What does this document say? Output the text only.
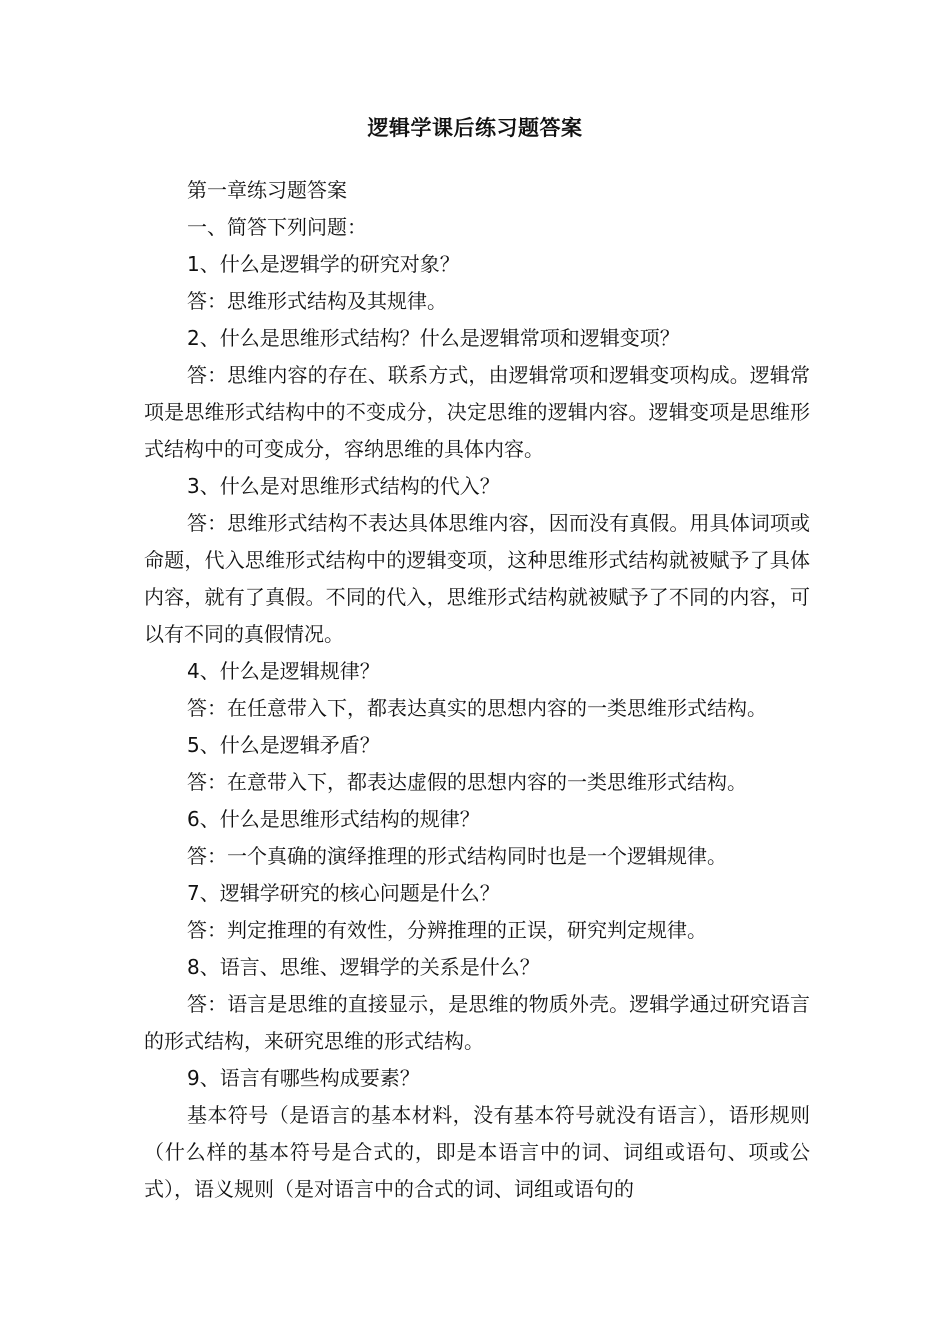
逻辑学课后练习题答案

第一章练习题答案

一、简答下列问题：

1、什么是逻辑学的研究对象？

答：思维形式结构及其规律。

2、什么是思维形式结构？什么是逻辑常项和逻辑变项？

答：思维内容的存在、联系方式，由逻辑常项和逻辑变项构成。逻辑常项是思维形式结构中的不变成分，决定思维的逻辑内容。逻辑变项是思维形式结构中的可变成分，容纳思维的具体内容。

3、什么是对思维形式结构的代入？

答：思维形式结构不表达具体思维内容，因而没有真假。用具体词项或命题，代入思维形式结构中的逻辑变项，这种思维形式结构就被赋予了具体内容，就有了真假。不同的代入，思维形式结构就被赋予了不同的内容，可以有不同的真假情况。

4、什么是逻辑规律？

答：在任意带入下，都表达真实的思想内容的一类思维形式结构。

5、什么是逻辑矛盾？

答：在意带入下，都表达虚假的思想内容的一类思维形式结构。

6、什么是思维形式结构的规律？

答：一个真确的演绎推理的形式结构同时也是一个逻辑规律。

7、逻辑学研究的核心问题是什么？

答：判定推理的有效性，分辨推理的正误，研究判定规律。

8、语言、思维、逻辑学的关系是什么？

答：语言是思维的直接显示，是思维的物质外壳。逻辑学通过研究语言的形式结构，来研究思维的形式结构。

9、语言有哪些构成要素？

基本符号（是语言的基本材料，没有基本符号就没有语言），语形规则（什么样的基本符号是合式的，即是本语言中的词、词组或语句、项或公式），语义规则（是对语言中的合式的词、词组或语句的
